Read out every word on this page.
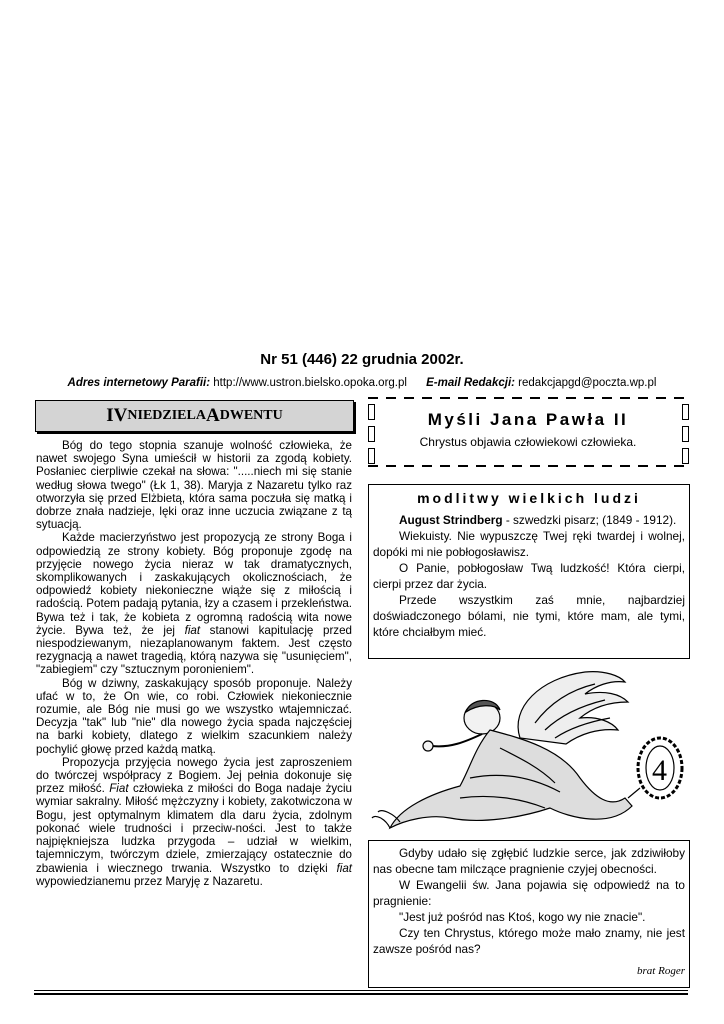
Nr 51 (446) 22 grudnia 2002r.
Adres internetowy Parafii: http://www.ustron.bielsko.opoka.org.pl E-mail Redakcji: redakcjapgd@poczta.wp.pl
IV NIEDZIELA A DWENTU

Bóg do tego stopnia szanuje wolność człowieka, że nawet swojego Syna umieścił w historii za zgodą kobiety. Posłaniec cierpliwie czekał na słowa: ".....niech mi się stanie według słowa twego" (Łk 1, 38). Maryja z Nazaretu tylko raz otworzyła się przed Elżbietą, która sama poczuła się matką i dobrze znała nadzieje, lęki oraz inne uczucia związane z tą sytuacją.

Każde macierzyństwo jest propozycją ze strony Boga i odpowiedzią ze strony kobiety. Bóg proponuje zgodę na przyjęcie nowego życia nieraz w tak dramatycznych, skomplikowanych i zaskakujących okolicznościach, że odpowiedź kobiety niekonieczne wiąże się z miłością i radością. Potem padają pytania, łzy a czasem i przekleństwa. Bywa też i tak, że kobieta z ogromną radością wita nowe życie. Bywa też, że jej fiat stanowi kapitulację przed niespodziewanym, niezaplanowanym faktem. Jest często rezygnacją a nawet tragedią, którą nazywa się "usunięciem", "zabiegiem" czy "sztucznym poronieniem".

Bóg w dziwny, zaskakujący sposób proponuje. Należy ufać w to, że On wie, co robi. Człowiek niekoniecznie rozumie, ale Bóg nie musi go we wszystko wtajemniczać. Decyzja "tak" lub "nie" dla nowego życia spada najczęściej na barki kobiety, dlatego z wielkim szacunkiem należy pochylić głowę przed każdą matką.

Propozycja przyjęcia nowego życia jest zaproszeniem do twórczej współpracy z Bogiem. Jej pełnia dokonuje się przez miłość. Fiat człowieka z miłości do Boga nadaje życiu wymiar sakralny. Miłość mężczyzny i kobiety, zakotwiczona w Bogu, jest optymalnym klimatem dla daru życia, zdolnym pokonać wiele trudności i przeciw-ności. Jest to także najpiękniejsza ludzka przygoda – udział w wielkim, tajemniczym, twórczym dziele, zmierzający ostatecznie do zbawienia i wiecznego trwania. Wszystko to dzięki fiat wypowiedzianemu przez Maryję z Nazaretu.

Myśli Jana Pawła II
Chrystus objawia człowiekowi człowieka.
modlitwy wielkich ludzi

August Strindberg - szwedzki pisarz; (1849 - 1912).

Wiekuisty. Nie wypuszczę Twej ręki twardej i wolnej, dopóki mi nie pobłogosławisz.

O Panie, pobłogosław Twą ludzkość! Która cierpi, cierpi przez dar życia.

Przede wszystkim zaś mnie, najbardziej doświadczonego bólami, nie tymi, które mam, ale tymi, które chciałbym mieć.

4

Gdyby udało się zgłębić ludzkie serce, jak zdziwiłoby nas obecne tam milczące pragnienie czyjej obecności.

W Ewangelii św. Jana pojawia się odpowiedź na to pragnienie:

"Jest już pośród nas Ktoś, kogo wy nie znacie".

Czy ten Chrystus, którego może mało znamy, nie jest zawsze pośród nas?

brat Roger
